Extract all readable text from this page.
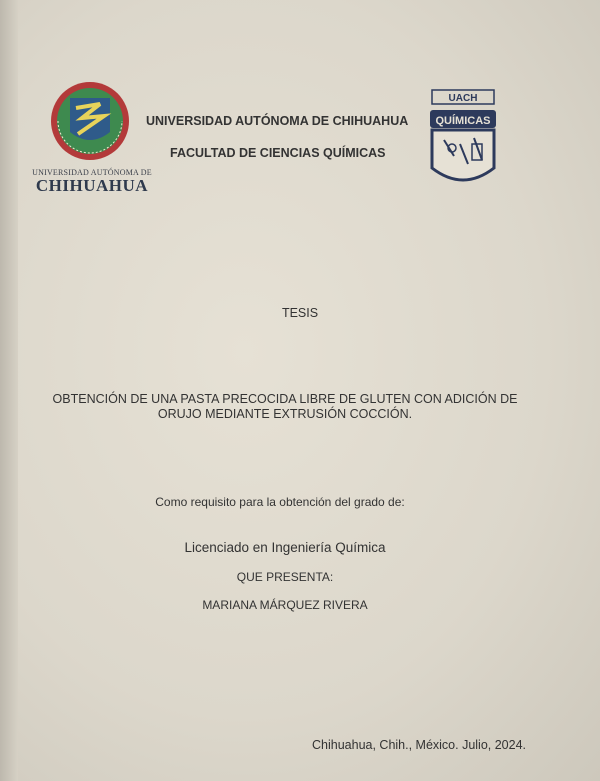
UNIVERSIDAD AUTÓNOMA DE
CHIHUAHUA
UACH
QUÍMICAS
UNIVERSIDAD AUTÓNOMA DE CHIHUAHUA
FACULTAD DE CIENCIAS QUÍMICAS
TESIS
OBTENCIÓN DE UNA PASTA PRECOCIDA LIBRE DE GLUTEN CON ADICIÓN DE ORUJO MEDIANTE EXTRUSIÓN COCCIÓN.
Como requisito para la obtención del grado de:
Licenciado en Ingeniería Química
QUE PRESENTA:
MARIANA MÁRQUEZ RIVERA
Chihuahua, Chih., México. Julio, 2024.
